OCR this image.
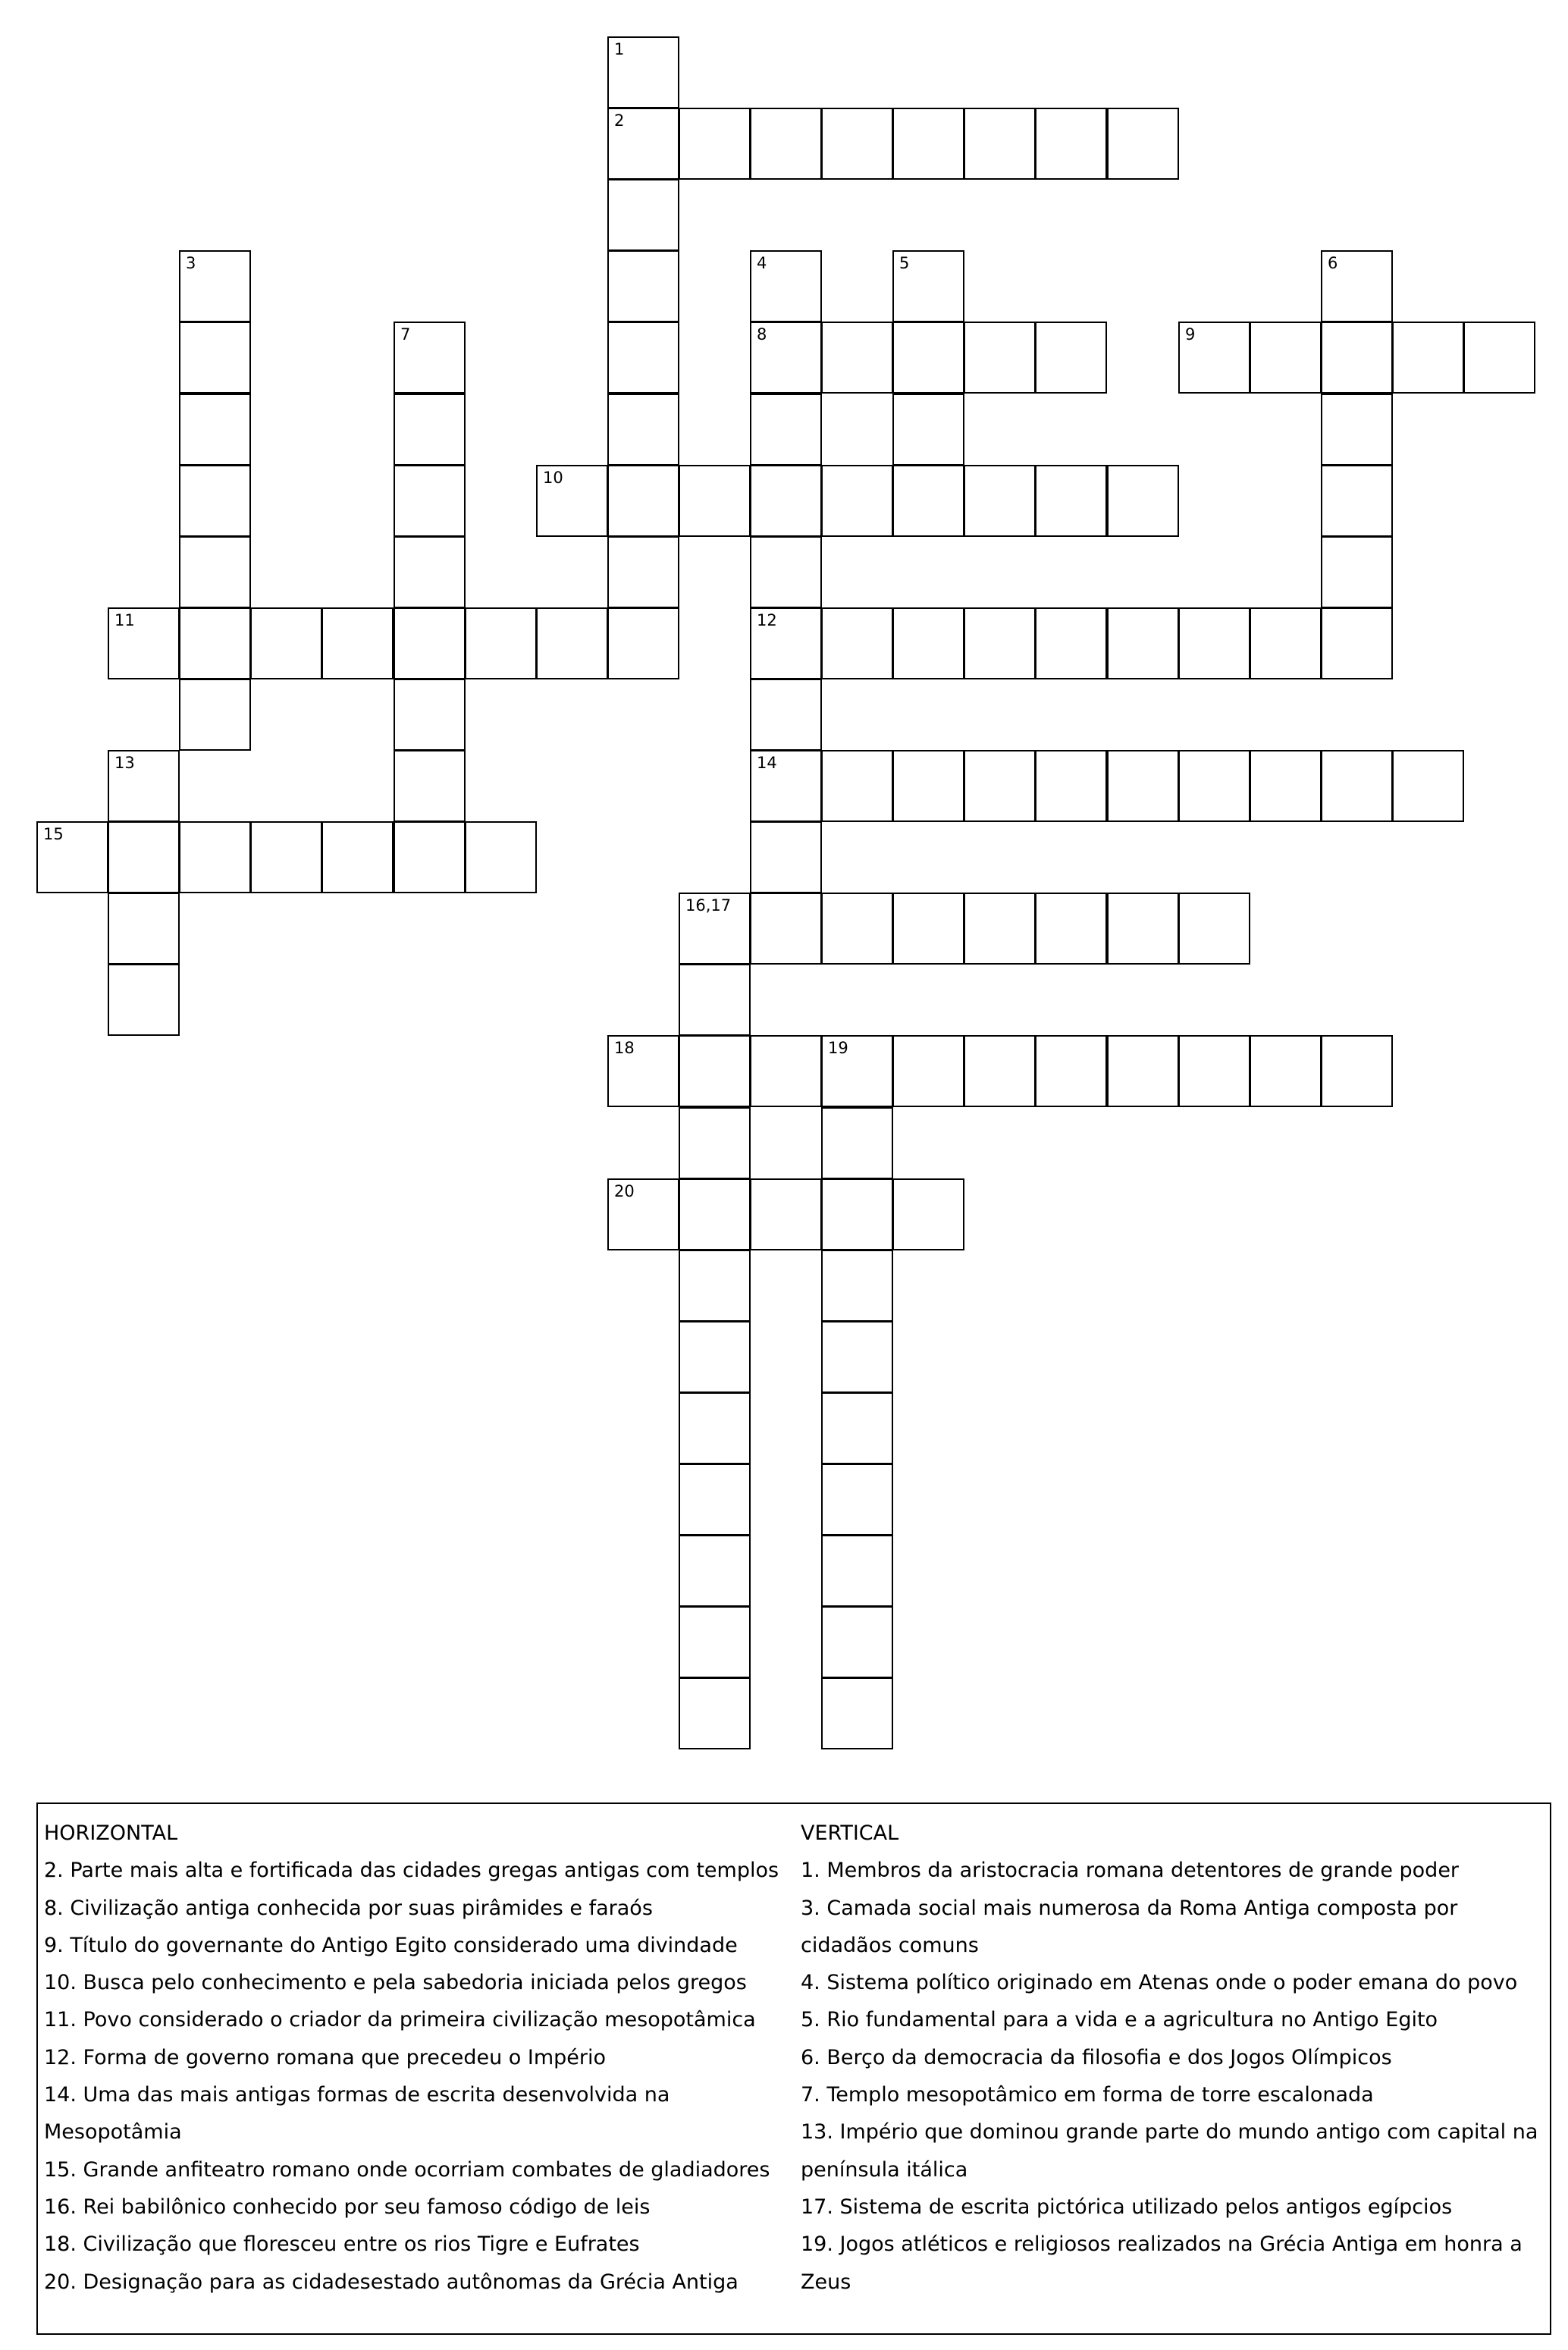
2
8	9
10
11	12
14
15
16,17
18	19
20
1
3	4	5	6
7
13
HORIZONTAL
2. Parte mais alta e fortificada das cidades gregas antigas com templos
8. Civilização antiga conhecida por suas pirâmides e faraós
9. Título do governante do Antigo Egito considerado uma divindade
10. Busca pelo conhecimento e pela sabedoria iniciada pelos gregos
11. Povo considerado o criador da primeira civilização mesopotâmica
12. Forma de governo romana que precedeu o Império
14. Uma das mais antigas formas de escrita desenvolvida na Mesopotâmia
15. Grande anfiteatro romano onde ocorriam combates de gladiadores
16. Rei babilônico conhecido por seu famoso código de leis
18. Civilização que floresceu entre os rios Tigre e Eufrates
20. Designação para as cidadesestado autônomas da Grécia Antiga
VERTICAL
1. Membros da aristocracia romana detentores de grande poder
3. Camada social mais numerosa da Roma Antiga composta por cidadãos comuns
4. Sistema político originado em Atenas onde o poder emana do povo
5. Rio fundamental para a vida e a agricultura no Antigo Egito
6. Berço da democracia da filosofia e dos Jogos Olímpicos
7. Templo mesopotâmico em forma de torre escalonada
13. Império que dominou grande parte do mundo antigo com capital na península itálica
17. Sistema de escrita pictórica utilizado pelos antigos egípcios
19. Jogos atléticos e religiosos realizados na Grécia Antiga em honra a Zeus
